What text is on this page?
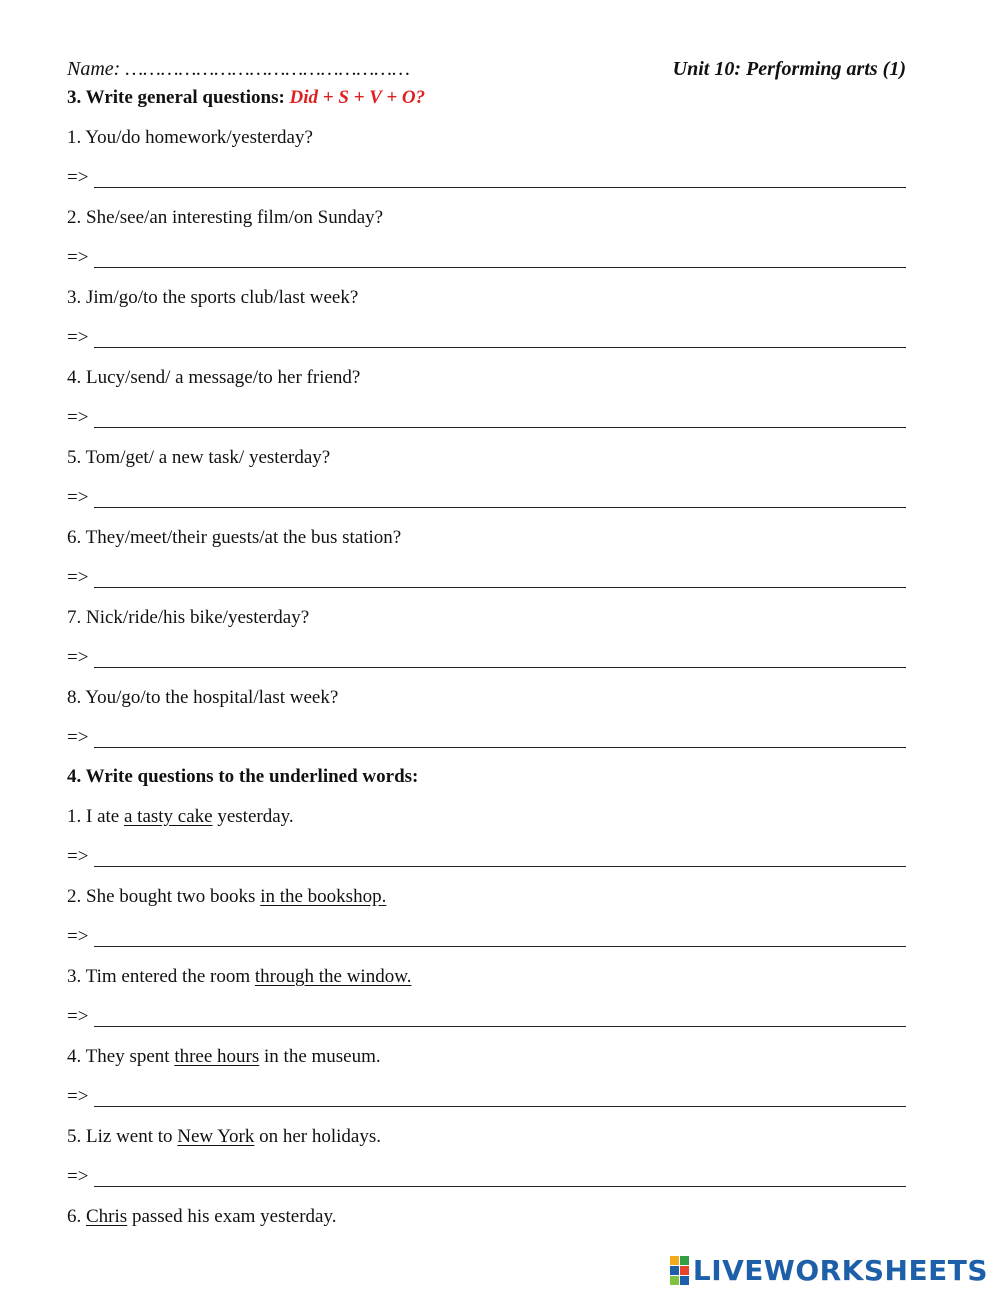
Name: …………………………………………	Unit 10: Performing arts (1)
3. Write general questions: Did + S + V + O?
1. You/do homework/yesterday?
=>
2. She/see/an interesting film/on Sunday?
=>
3. Jim/go/to the sports club/last week?
=>
4. Lucy/send/ a message/to her friend?
=>
5. Tom/get/ a new task/ yesterday?
=>
6. They/meet/their guests/at the bus station?
=>
7. Nick/ride/his bike/yesterday?
=>
8. You/go/to the hospital/last week?
=>
4. Write questions to the underlined words:
1. I ate a tasty cake yesterday.
=>
2. She bought two books in the bookshop.
=>
3. Tim entered the room through the window.
=>
4. They spent three hours in the museum.
=>
5. Liz went to New York on her holidays.
=>
6. Chris passed his exam yesterday.
LIVEWORKSHEETS
